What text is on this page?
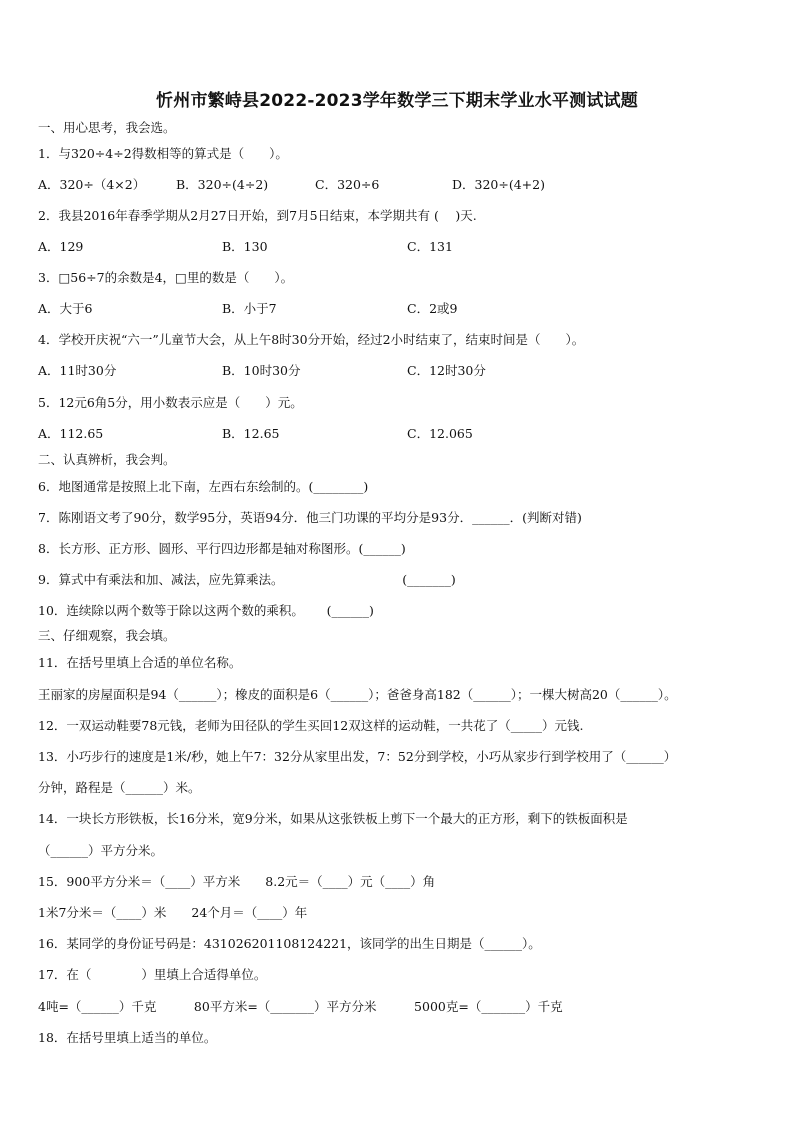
忻州市繁峙县2022-2023学年数学三下期末学业水平测试试题
一、用心思考，我会选。
1．与320÷4÷2得数相等的算式是（　　）。
A．320÷（4×2） B．320÷(4÷2)	C．320÷6	D．320÷(4+2)
2．我县2016年春季学期从2月27日开始，到7月5日结束，本学期共有 (　 )天.
A．129	B．130	C．131
3．□56÷7的余数是4，□里的数是（　　）。
A．大于6	B．小于7	C．2或9
4．学校开庆祝“六一”儿童节大会，从上午8时30分开始，经过2小时结束了，结束时间是（　　）。
A．11时30分	B．10时30分	C．12时30分
5．12元6角5分，用小数表示应是（　　）元。
A．112.65	B．12.65	C．12.065
二、认真辨析，我会判。
6．地图通常是按照上北下南，左西右东绘制的。(________)
7．陈刚语文考了90分，数学95分，英语94分．他三门功课的平均分是93分．______．(判断对错)
8．长方形、正方形、圆形、平行四边形都是轴对称图形。(______)
9．算式中有乘法和加、减法，应先算乘法。　　　　　　　　　　(_______)
10．连续除以两个数等于除以这两个数的乘积。　　 (______)
三、仔细观察，我会填。
11．在括号里填上合适的单位名称。
王丽家的房屋面积是94（______）；橡皮的面积是6（______）；爸爸身高182（______）；一棵大树高20（______）。
12．一双运动鞋要78元钱，老师为田径队的学生买回12双这样的运动鞋，一共花了（_____）元钱.
13．小巧步行的速度是1米/秒，她上午7：32分从家里出发，7：52分到学校，小巧从家步行到学校用了（______）
分钟，路程是（______）米。
14．一块长方形铁板，长16分米，宽9分米，如果从这张铁板上剪下一个最大的正方形，剩下的铁板面积是
（______）平方分米。
15．900平方分米＝（____）平方米　　8.2元＝（____）元（____）角
1米7分米＝（____）米　　24个月＝（____）年
16．某同学的身份证号码是：431026201108124221，该同学的出生日期是（______）。
17．在（　　　　）里填上合适得单位。
4吨=（______）千克　　　80平方米=（_______）平方分米　　　5000克=（_______）千克
18．在括号里填上适当的单位。
